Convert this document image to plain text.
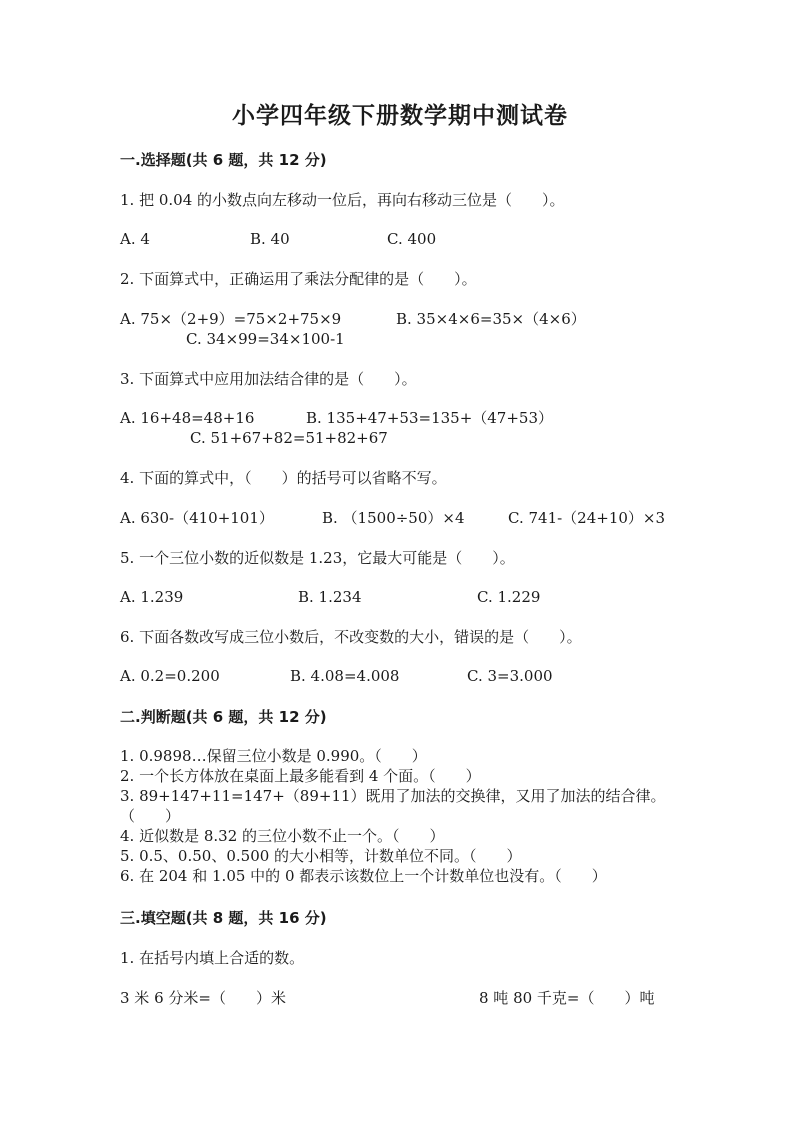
小学四年级下册数学期中测试卷
一.选择题(共 6 题，共 12 分)
1. 把 0.04 的小数点向左移动一位后，再向右移动三位是（　　）。
A. 4	B. 40	C. 400
2. 下面算式中，正确运用了乘法分配律的是（　　）。
A. 75×（2+9）=75×2+75×9	B. 35×4×6=35×（4×6）
C. 34×99=34×100-1
3. 下面算式中应用加法结合律的是（　　）。
A. 16+48=48+16	B. 135+47+53=135+（47+53）
C. 51+67+82=51+82+67
4. 下面的算式中，（　　）的括号可以省略不写。
A. 630-（410+101）	B. （1500÷50）×4	C. 741-（24+10）×3
5. 一个三位小数的近似数是 1.23，它最大可能是（　　）。
A. 1.239	B. 1.234	C. 1.229
6. 下面各数改写成三位小数后，不改变数的大小，错误的是（　　）。
A. 0.2=0.200	B. 4.08=4.008	C. 3=3.000
二.判断题(共 6 题，共 12 分)
1. 0.9898…保留三位小数是 0.990。（　　）
2. 一个长方体放在桌面上最多能看到 4 个面。（　　）
3. 89+147+11=147+（89+11）既用了加法的交换律，又用了加法的结合律。
（　　）
4. 近似数是 8.32 的三位小数不止一个。（　　）
5. 0.5、0.50、0.500 的大小相等，计数单位不同。（　　）
6. 在 204 和 1.05 中的 0 都表示该数位上一个计数单位也没有。（　　）
三.填空题(共 8 题，共 16 分)
1. 在括号内填上合适的数。
3 米 6 分米=（　　）米	8 吨 80 千克=（　　）吨
